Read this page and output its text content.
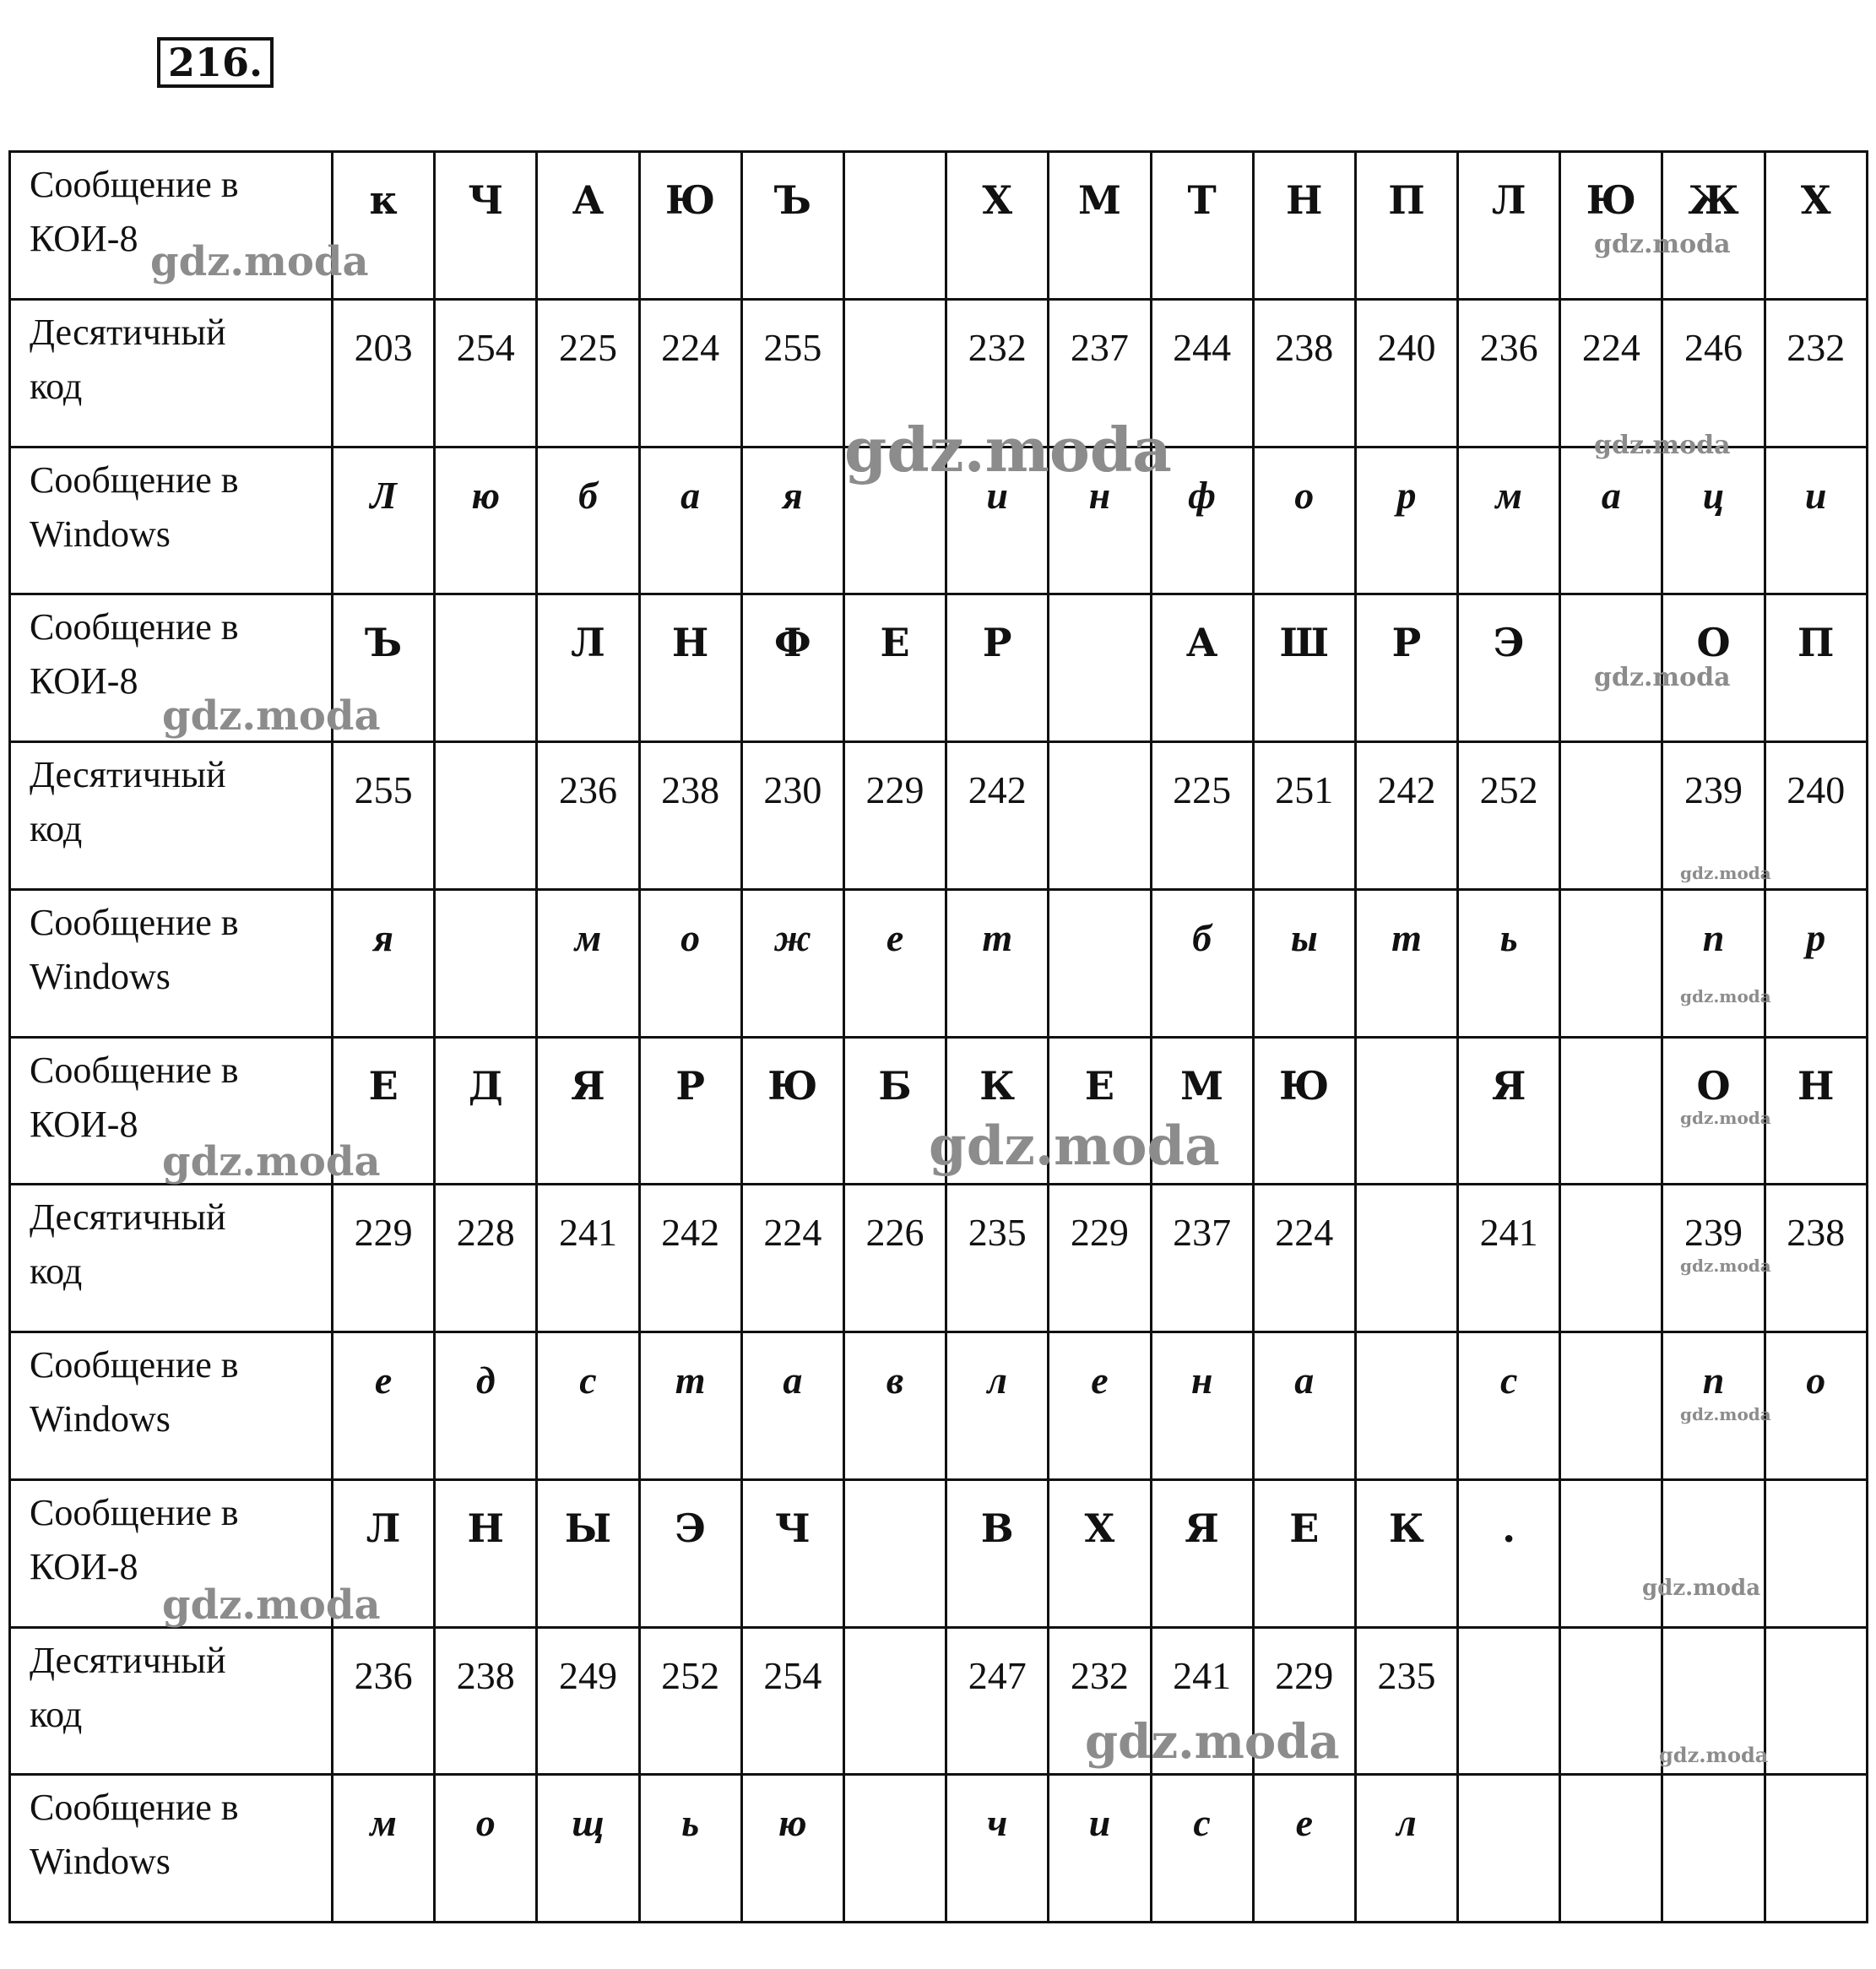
216.
Сообщение в
КОИ-8	к	Ч	А	Ю	Ъ		Х	М	Т	Н	П	Л	Ю	Ж	Х
Десятичный
код	203	254	225	224	255		232	237	244	238	240	236	224	246	232
Сообщение в
Windows	Л	ю	б	а	я		и	н	ф	о	р	м	а	ц	и
Сообщение в
КОИ-8	Ъ		Л	Н	Ф	Е	Р		А	Ш	Р	Э		О	П
Десятичный
код	255		236	238	230	229	242		225	251	242	252		239	240
Сообщение в
Windows	я		м	о	ж	е	т		б	ы	т	ь		п	р
Сообщение в
КОИ-8	Е	Д	Я	Р	Ю	Б	К	Е	М	Ю		Я		О	Н
Десятичный
код	229	228	241	242	224	226	235	229	237	224		241		239	238
Сообщение в
Windows	е	д	с	т	а	в	л	е	н	а		с		п	о
Сообщение в
КОИ-8	Л	Н	Ы	Э	Ч		В	Х	Я	Е	К	.			
Десятичный
код	236	238	249	252	254		247	232	241	229	235				
Сообщение в
Windows	м	о	щ	ь	ю		ч	и	с	е	л				
gdz.moda	gdz.moda
gdz.moda	gdz.moda
gdz.moda
gdz.moda
gdz.moda
gdz.moda
gdz.moda	gdz.moda	gdz.moda
gdz.moda
gdz.moda
gdz.moda	gdz.moda
gdz.moda	gdz.moda
